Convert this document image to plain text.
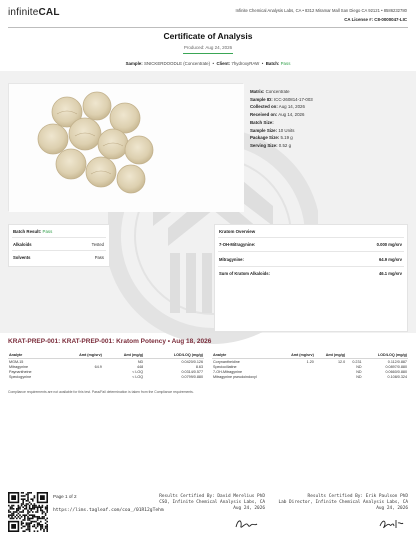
infiniteCAL	Infinite Chemical Analysis Labs, CA • 8312 Miramar Mall San Diego CA 92121 • 8586232780
CA License #: C8-0000047-LIC
Certificate of Analysis
Produced: Aug 24, 2026
Sample: SNICKERDOODLE (Concentrate)  •  Client: 7hydroxyRAW  •  Batch: Pass
Matrix: Concentrate
Sample ID: ICC-260814-17-003
Collected on: Aug 14, 2026
Received on: Aug 14, 2026
Batch Size:
Sample Size: 10 Units
Package Size: 5.19 g
Serving Size: 0.52 g
Batch Result: Pass
Alkaloids	Tested
Solvents	Pass
Kratom Overview
7-OH-Mitragynine:	0.000 mg/srv
Mitragynine:	64.9 mg/srv
Sum of Kratom Alkaloids:	46.1 mg/srv
KRAT-PREP-001: KRAT-PREP-001: Kratom Potency • Aug 18, 2026
Analyte	Amt (mg/srv)	Amt (mg/g)	LOD/LOQ (mg/g)
MGM-15		ND	0.0420/0.126
Mitragynine	64.9	448	8.63
Paynantheine		< LOQ	0.0314/0.577
Speciogynine		< LOQ	0.0799/0.880
Analyte	Amt (mg/srv)	Amt (mg/g)		LOD/LOQ (mg/g)
Corynantheidine	1.20	12.0	0.231	0.112/0.887
Speciociliatine			ND	0.0897/0.880
7-OH-Mitragynine			ND	0.0660/0.880
Mitragynine pseudoindoxyl			ND	0.108/0.324
Compliance requirements are not available for this test. Pass/Fail determination is taken from the Compliance requirements.
Page 1 of 2
https://lims.tagleaf.com/coa_/01R12gTehm
Results Certified By: David Merelius PhD
CSO, Infinite Chemical Analysis Labs, CA
Aug 24, 2026
Results Certified By: Erik Paulson PhD
Lab Director, Infinite Chemical Analysis Labs, CA
Aug 24, 2026
